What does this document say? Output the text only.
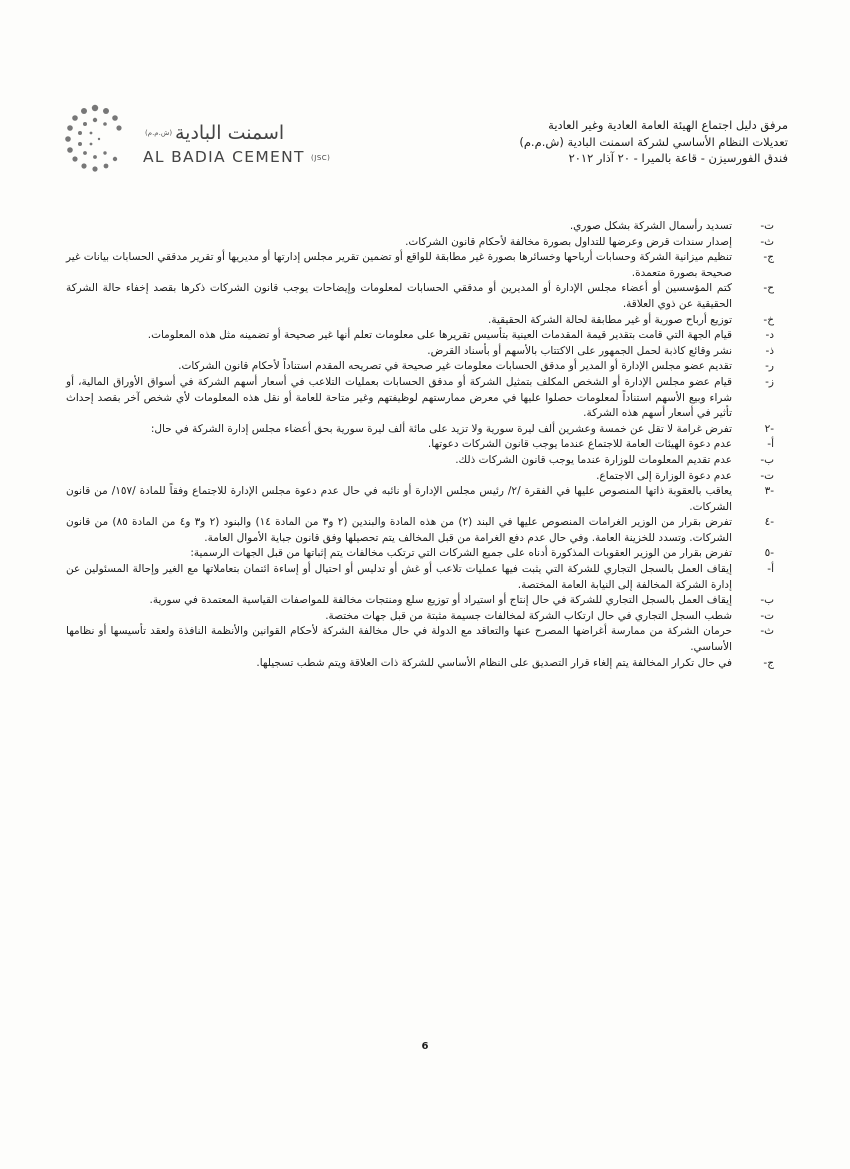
اسمنت البادية
(ش.م.م)
AL BADIA CEMENT (JSC)
مرفق دليل اجتماع الهيئة العامة العادية وغير العادية
تعديلات النظام الأساسي لشركة اسمنت البادية (ش.م.م)
فندق الفورسيزن - قاعة بالميرا - ٢٠ آذار ٢٠١٢
ت-
تسديد رأسمال الشركة بشكل صوري.
ث-
إصدار سندات قرض وعرضها للتداول بصورة مخالفة لأحكام قانون الشركات.
ج-
تنظيم ميزانية الشركة وحسابات أرباحها وخسائرها بصورة غير مطابقة للواقع أو تضمين تقرير مجلس إدارتها أو مديريها أو تقرير مدققي الحسابات بيانات غير صحيحة بصورة متعمدة.
ح-
كتم المؤسسين أو أعضاء مجلس الإدارة أو المديرين أو مدققي الحسابات لمعلومات وإيضاحات يوجب قانون الشركات ذكرها بقصد إخفاء حالة الشركة الحقيقية عن ذوي العلاقة.
خ-
توزيع أرباح صورية أو غير مطابقة لحالة الشركة الحقيقية.
د-
قيام الجهة التي قامت بتقدير قيمة المقدمات العينية بتأسيس تقريرها على معلومات تعلم أنها غير صحيحة أو تضمينه مثل هذه المعلومات.
ذ-
نشر وقائع كاذبة لحمل الجمهور على الاكتتاب بالأسهم أو بأسناد القرض.
ر-
تقديم عضو مجلس الإدارة أو المدير أو مدقق الحسابات معلومات غير صحيحة في تصريحه المقدم استناداً لأحكام قانون الشركات.
ز-
قيام عضو مجلس الإدارة أو الشخص المكلف بتمثيل الشركة أو مدقق الحسابات بعمليات التلاعب في أسعار أسهم الشركة في أسواق الأوراق المالية، أو شراء وبيع الأسهم استناداً لمعلومات حصلوا عليها في معرض ممارستهم لوظيفتهم وغير متاحة للعامة أو نقل هذه المعلومات لأي شخص آخر بقصد إحداث تأثير في أسعار أسهم هذه الشركة.
-٢
تفرض غرامة لا تقل عن خمسة وعشرين ألف ليرة سورية ولا تزيد على مائة ألف ليرة سورية بحق أعضاء مجلس إدارة الشركة في حال:
أ-
عدم دعوة الهيئات العامة للاجتماع عندما يوجب قانون الشركات دعوتها.
ب-
عدم تقديم المعلومات للوزارة عندما يوجب قانون الشركات ذلك.
ت-
عدم دعوة الوزارة إلى الاجتماع.
-٣
يعاقب بالعقوبة ذاتها المنصوص عليها في الفقرة /٢/ رئيس مجلس الإدارة أو نائبه في حال عدم دعوة مجلس الإدارة للاجتماع وفقاً للمادة /١٥٧/ من قانون الشركات.
-٤
تفرض بقرار من الوزير الغرامات المنصوص عليها في البند (٢) من هذه المادة والبندين (٢ و٣ من المادة ١٤) والبنود (٢ و٣ و٤ من المادة ٨٥) من قانون الشركات. وتسدد للخزينة العامة. وفي حال عدم دفع الغرامة من قبل المخالف يتم تحصيلها وفق قانون جباية الأموال العامة.
-٥
تفرض بقرار من الوزير العقوبات المذكورة أدناه على جميع الشركات التي ترتكب مخالفات يتم إثباتها من قبل الجهات الرسمية:
أ-
إيقاف العمل بالسجل التجاري للشركة التي يثبت فيها عمليات تلاعب أو غش أو تدليس أو احتيال أو إساءة ائتمان بتعاملاتها مع الغير وإحالة المسئولين عن إدارة الشركة المخالفة إلى النيابة العامة المختصة.
ب-
إيقاف العمل بالسجل التجاري للشركة في حال إنتاج أو استيراد أو توزيع سلع ومنتجات مخالفة للمواصفات القياسية المعتمدة في سورية.
ت-
شطب السجل التجاري في حال ارتكاب الشركة لمخالفات جسيمة مثبتة من قبل جهات مختصة.
ث-
حرمان الشركة من ممارسة أغراضها المصرح عنها والتعاقد مع الدولة في حال مخالفة الشركة لأحكام القوانين والأنظمة النافذة ولعقد تأسيسها أو نظامها الأساسي.
ج-
في حال تكرار المخالفة يتم إلغاء قرار التصديق على النظام الأساسي للشركة ذات العلاقة ويتم شطب تسجيلها.
6
